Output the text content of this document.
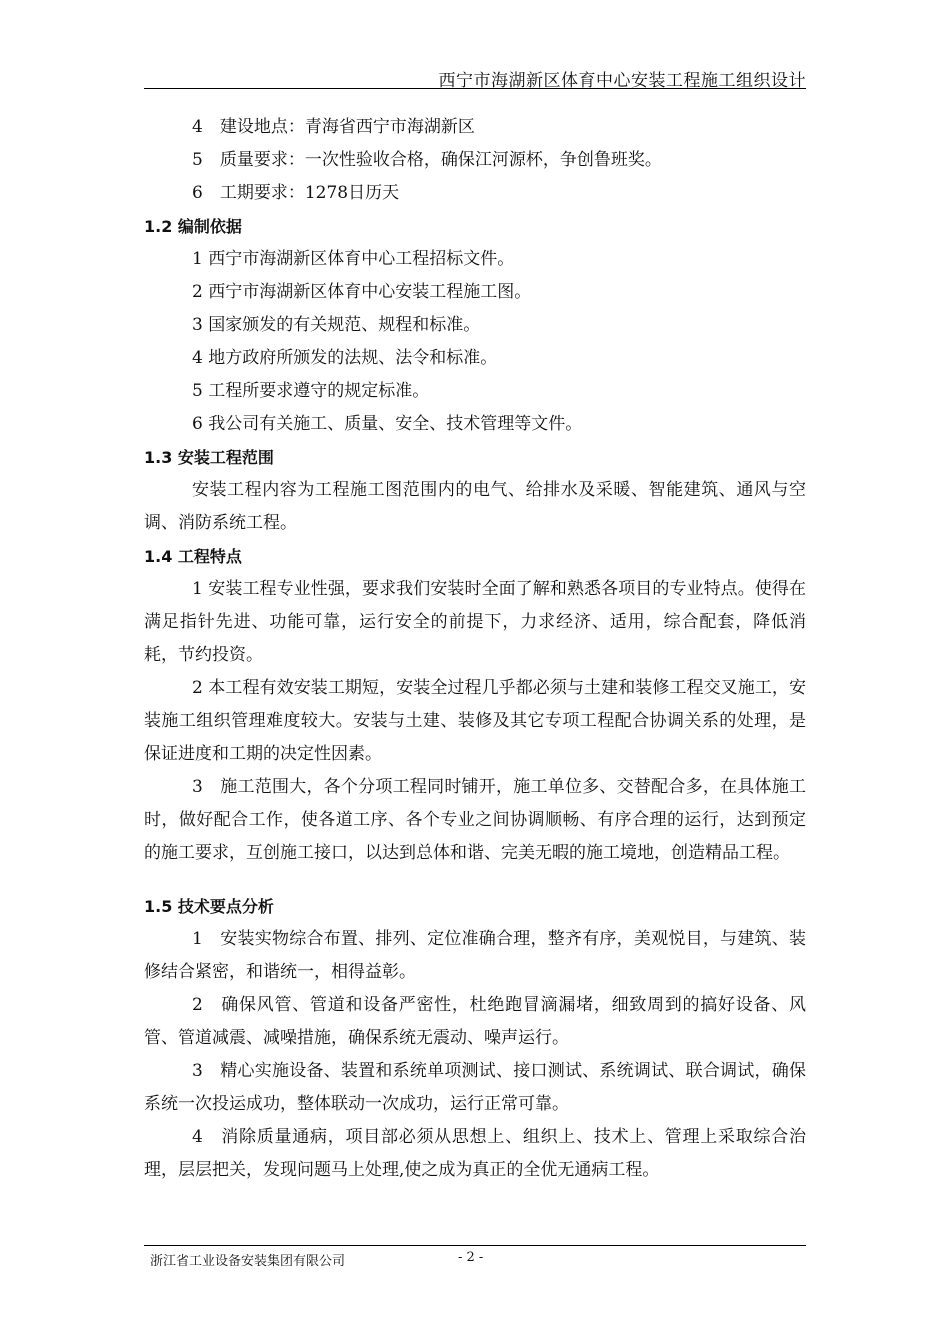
西宁市海湖新区体育中心安装工程施工组织设计
4　建设地点：青海省西宁市海湖新区
5　质量要求：一次性验收合格，确保江河源杯，争创鲁班奖。
6　工期要求：1278日历天
1.2 编制依据
1 西宁市海湖新区体育中心工程招标文件。
2 西宁市海湖新区体育中心安装工程施工图。
3 国家颁发的有关规范、规程和标准。
4 地方政府所颁发的法规、法令和标准。
5 工程所要求遵守的规定标准。
6 我公司有关施工、质量、安全、技术管理等文件。
1.3 安装工程范围

安装工程内容为工程施工图范围内的电气、给排水及采暖、智能建筑、通风与空调、消防系统工程。

1.4 工程特点

1 安装工程专业性强，要求我们安装时全面了解和熟悉各项目的专业特点。使得在满足指针先进、功能可靠，运行安全的前提下，力求经济、适用，综合配套，降低消耗，节约投资。

2 本工程有效安装工期短，安装全过程几乎都必须与土建和装修工程交叉施工，安装施工组织管理难度较大。安装与土建、装修及其它专项工程配合协调关系的处理，是保证进度和工期的决定性因素。

3　施工范围大，各个分项工程同时铺开，施工单位多、交替配合多，在具体施工时，做好配合工作，使各道工序、各个专业之间协调顺畅、有序合理的运行，达到预定的施工要求，互创施工接口，以达到总体和谐、完美无暇的施工境地，创造精品工程。

1.5 技术要点分析

1　安装实物综合布置、排列、定位准确合理，整齐有序，美观悦目，与建筑、装修结合紧密，和谐统一，相得益彰。

2　确保风管、管道和设备严密性，杜绝跑冒滴漏堵，细致周到的搞好设备、风管、管道减震、减噪措施，确保系统无震动、噪声运行。

3　精心实施设备、装置和系统单项测试、接口测试、系统调试、联合调试，确保系统一次投运成功，整体联动一次成功，运行正常可靠。

4　消除质量通病，项目部必须从思想上、组织上、技术上、管理上采取综合治理，层层把关，发现问题马上处理,使之成为真正的全优无通病工程。

浙江省工业设备安装集团有限公司	- 2 -
